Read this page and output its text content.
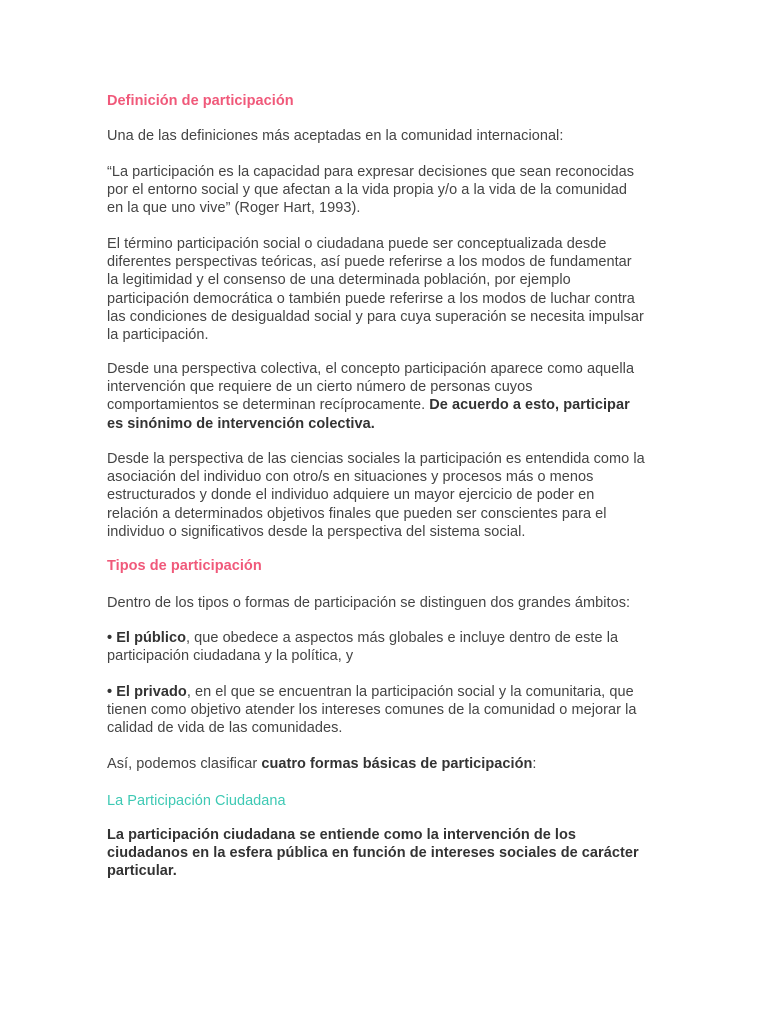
Definición de participación
Una de las definiciones más aceptadas en la comunidad internacional:
“La participación es la capacidad para expresar decisiones que sean reconocidas
por el entorno social y que afectan a la vida propia y/o a la vida de la comunidad
en la que uno vive” (Roger Hart, 1993).
El término participación social o ciudadana puede ser conceptualizada desde
diferentes perspectivas teóricas, así puede referirse a los modos de fundamentar
la legitimidad y el consenso de una determinada población, por ejemplo
participación democrática o también puede referirse a los modos de luchar contra
las condiciones de desigualdad social y para cuya superación se necesita impulsar
la participación.
Desde una perspectiva colectiva, el concepto participación aparece como aquella
intervención que requiere de un cierto número de personas cuyos
comportamientos se determinan recíprocamente. De acuerdo a esto, participar
es sinónimo de intervención colectiva.
Desde la perspectiva de las ciencias sociales la participación es entendida como la
asociación del individuo con otro/s en situaciones y procesos más o menos
estructurados y donde el individuo adquiere un mayor ejercicio de poder en
relación a determinados objetivos finales que pueden ser conscientes para el
individuo o significativos desde la perspectiva del sistema social.
Tipos de participación
Dentro de los tipos o formas de participación se distinguen dos grandes ámbitos:
• El público, que obedece a aspectos más globales e incluye dentro de este la
participación ciudadana y la política, y
• El privado, en el que se encuentran la participación social y la comunitaria, que
tienen como objetivo atender los intereses comunes de la comunidad o mejorar la
calidad de vida de las comunidades.
Así, podemos clasificar cuatro formas básicas de participación:
La Participación Ciudadana
La participación ciudadana se entiende como la intervención de los
ciudadanos en la esfera pública en función de intereses sociales de carácter
particular.
